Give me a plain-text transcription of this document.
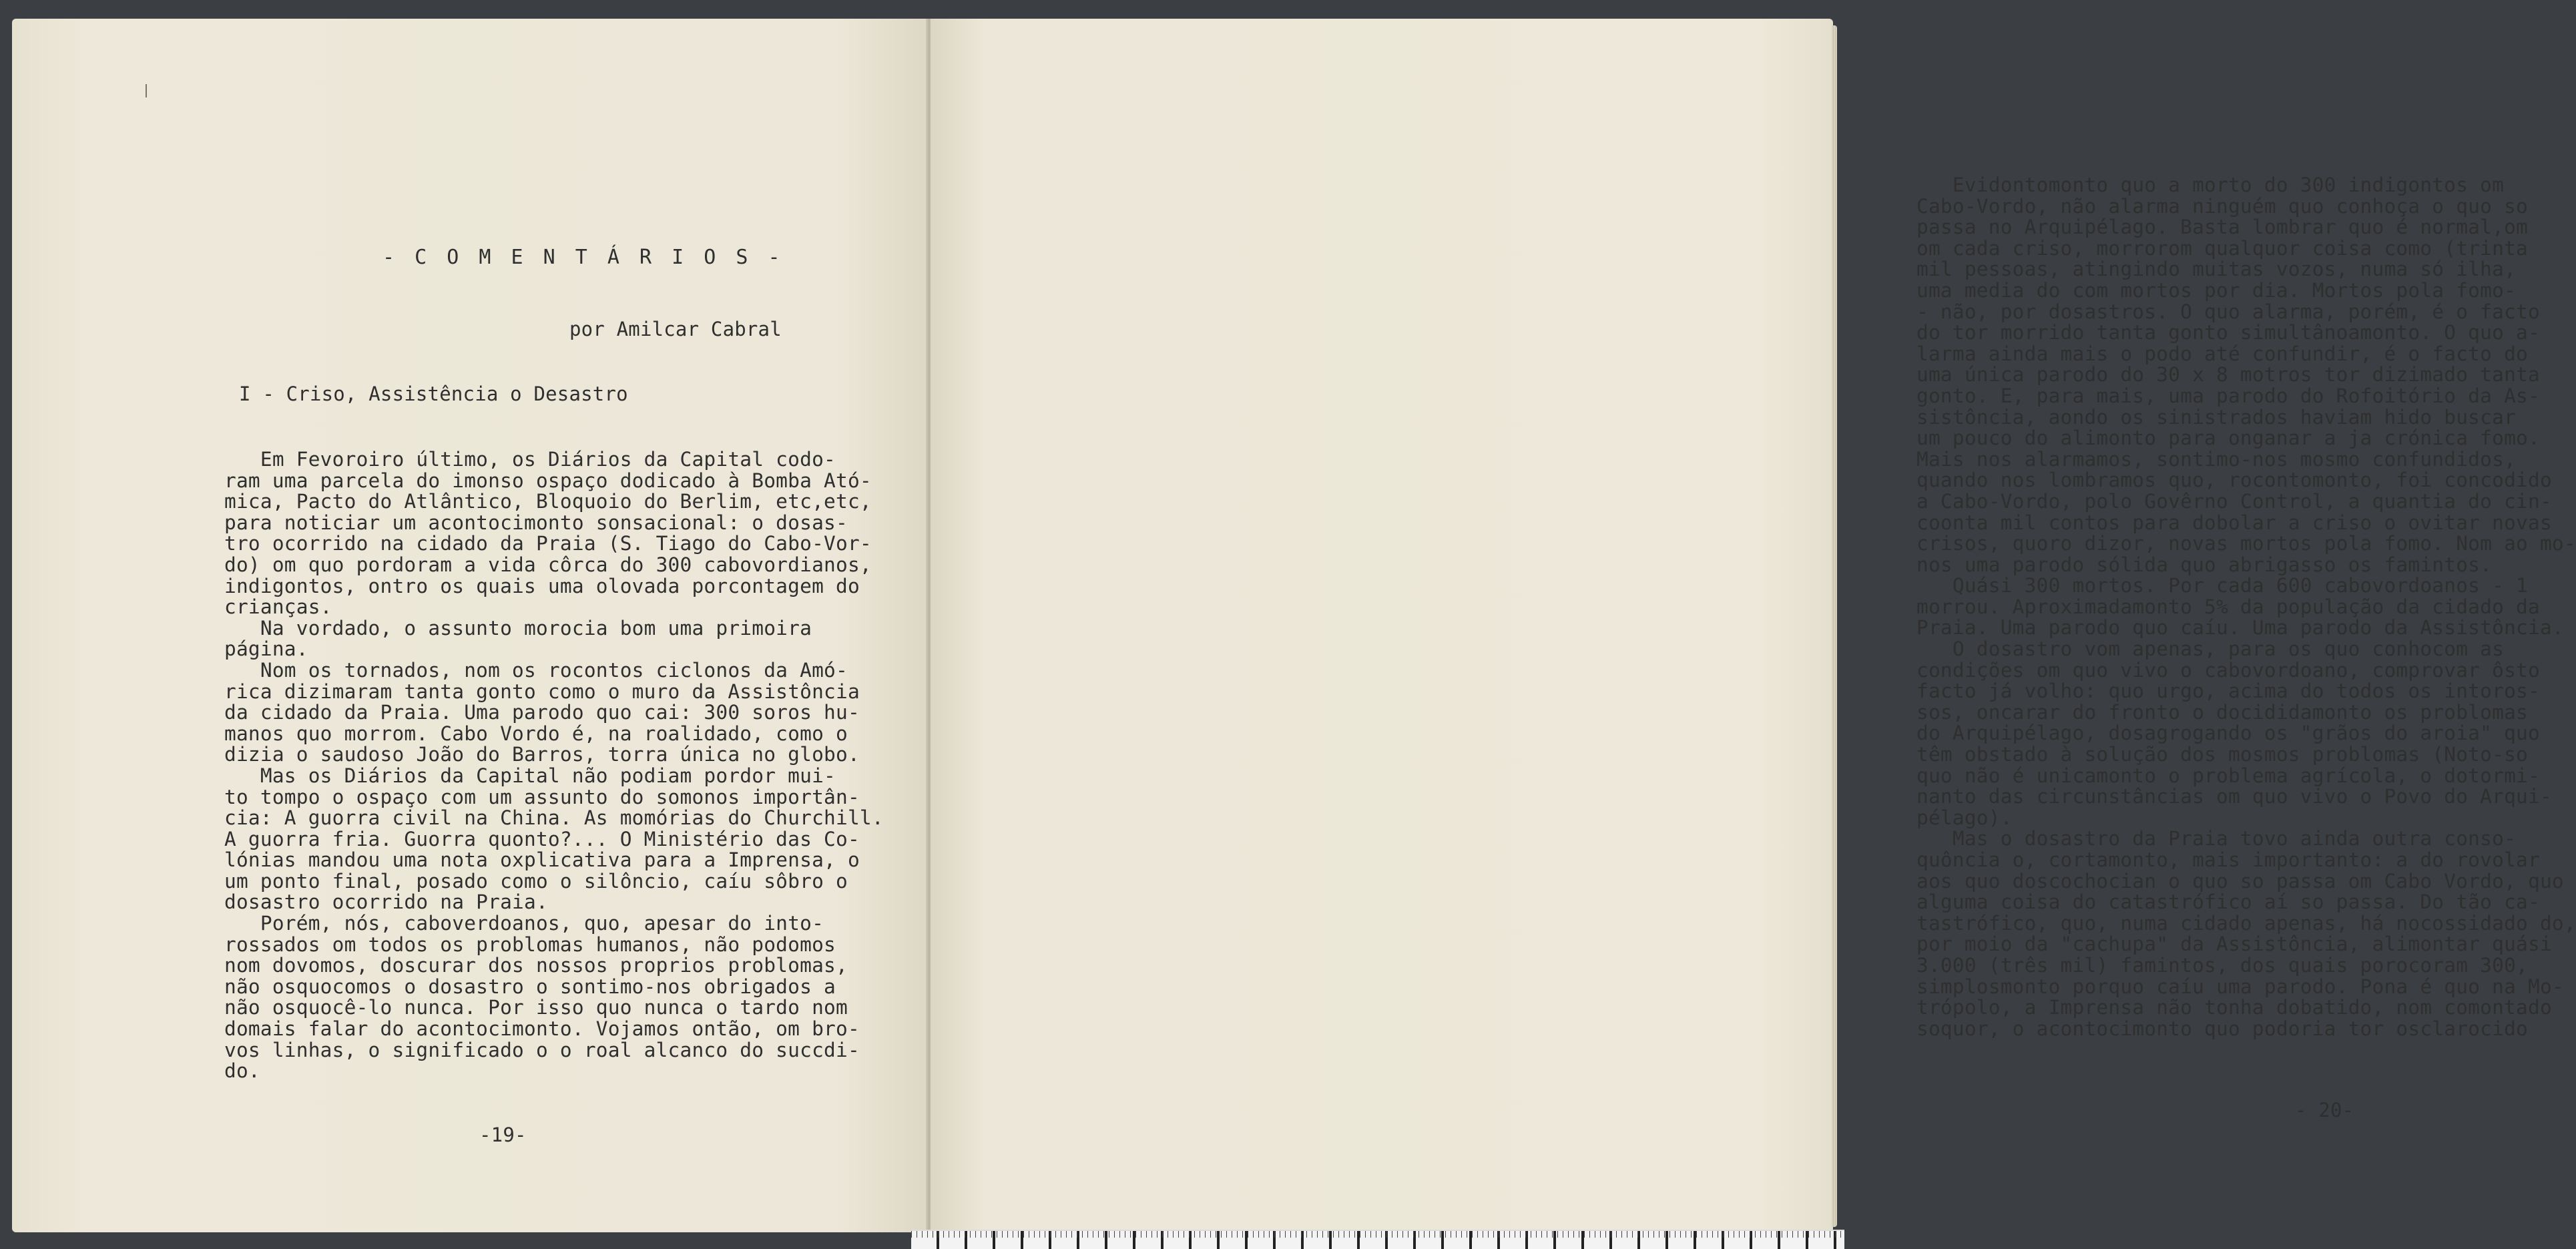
- C O M E N T Á R I O S -
por Amilcar Cabral
I - Criso, Assistência o Desastro
Em Fevoroiro último, os Diários da Capital codo-
ram uma parcela do imonso ospaço dodicado à Bomba Ató-
mica, Pacto do Atlântico, Bloquoio do Berlim, etc,etc,
para noticiar um acontocimonto sonsacional: o dosas-
tro ocorrido na cidado da Praia (S. Tiago do Cabo-Vor-
do) om quo pordoram a vida côrca do 300 cabovordianos,
indigontos, ontro os quais uma olovada porcontagem do
crianças.
Na vordado, o assunto morocia bom uma primoira
página.
Nom os tornados, nom os rocontos ciclonos da Amó-
rica dizimaram tanta gonto como o muro da Assistôncia
da cidado da Praia. Uma parodo quo cai: 300 soros hu-
manos quo morrom. Cabo Vordo é, na roalidado, como o
dizia o saudoso João do Barros, torra única no globo.
Mas os Diários da Capital não podiam pordor mui-
to tompo o ospaço com um assunto do somonos importân-
cia: A guorra civil na China. As momórias do Churchill.
A guorra fria. Guorra quonto?... O Ministério das Co-
lónias mandou uma nota oxplicativa para a Imprensa, o
um ponto final, posado como o silôncio, caíu sôbro o
dosastro ocorrido na Praia.
Porém, nós, caboverdoanos, quo, apesar do into-
rossados om todos os problomas humanos, não podomos
nom dovomos, doscurar dos nossos proprios problomas,
não osquocomos o dosastro o sontimo-nos obrigados a
não osquocê-lo nunca. Por isso quo nunca o tardo nom
domais falar do acontocimonto. Vojamos ontão, om bro-
vos linhas, o significado o o roal alcanco do succdi-
do.
-19-
Evidontomonto quo a morto do 300 indigontos om
Cabo-Vordo, não alarma ninguém quo conhoça o quo so
passa no Arquipélago. Basta lombrar quo é normal,om
om cada criso, morrorom qualquor coisa como (trinta
mil pessoas, atingindo muitas vozos, numa só ilha,
uma media do com mortos por dia. Mortos pola fomo-
- não, por dosastros. O quo alarma, porém, é o facto
do tor morrido tanta gonto simultânoamonto. O quo a-
larma ainda mais o podo até confundir, é o facto do
uma única parodo do 30 x 8 motros tor dizimado tanta
gonto. E, para mais, uma parodo do Rofoitório da As-
sistôncia, aondo os sinistrados haviam hido buscar
um pouco do alimonto para onganar a ja crónica fomo.
Mais nos alarmamos, sontimo-nos mosmo confundidos,
quando nos lombramos quo, rocontomonto, foi concodido
a Cabo-Vordo, polo Govêrno Control, a quantia do cin-
coonta mil contos para dobolar a criso o ovitar novas
crisos, quoro dizor, novas mortos pola fomo. Nom ao mo-
nos uma parodo sólida quo abrigasso os famintos.
Quási 300 mortos. Por cada 600 cabovordoanos - 1
morrou. Aproximadamonto 5% da população da cidado da
Praia. Uma parodo quo caíu. Uma parodo da Assistôncia.
O dosastro vom apenas, para os quo conhocom as
condições om quo vivo o cabovordoano, comprovar ôsto
facto já volho: quo urgo, acima do todos os intoros-
sos, oncarar do fronto o docididamonto os problomas
do Arquipélago, dosagrogando os "grãos do aroia" quo
têm obstado à solução dos mosmos problomas (Noto-so
quo não é unicamonto o problema agrícola, o dotormi-
nanto das circunstâncias om quo vivo o Povo do Arqui-
pélago).
Mas o dosastro da Praia tovo ainda outra conso-
quôncia o, cortamonto, mais importanto: a do rovolar
aos quo doscochocian o quo so passa om Cabo Vordo, quo
alguma coisa do catastrófico aí so passa. Do tão ca-
tastrófico, quo, numa cidado apenas, há nocossidado do,
por moio da "cachupa" da Assistôncia, alimontar quási
3.000 (três mil) famintos, dos quais porocoram 300,
simplosmonto porquo caíu uma parodo. Pona é quo na Mo-
trópolo, a Imprensa não tonha dobatido, nom comontado
soquor, o acontocimonto quo podoria tor osclarocido
- 20-
